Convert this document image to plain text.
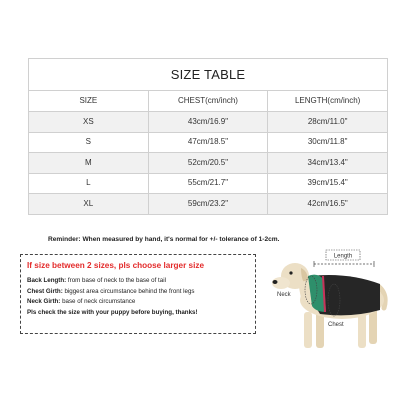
SIZE TABLE		
SIZE	CHEST(cm/inch)	LENGTH(cm/inch)
XS	43cm/16.9"	28cm/11.0"
S	47cm/18.5"	30cm/11.8"
M	52cm/20.5"	34cm/13.4"
L	55cm/21.7"	39cm/15.4"
XL	59cm/23.2"	42cm/16.5"
Reminder: When measured by hand, it's normal for +/- tolerance of 1-2cm.
If size between 2 sizes, pls choose larger size
Back Length: from base of neck to the base of tail
Chest Girth: biggest area circumstance behind the front legs
Neck Girth: base of neck circumstance
Pls check the size with your puppy before buying, thanks!
Length
Neck
Chest
